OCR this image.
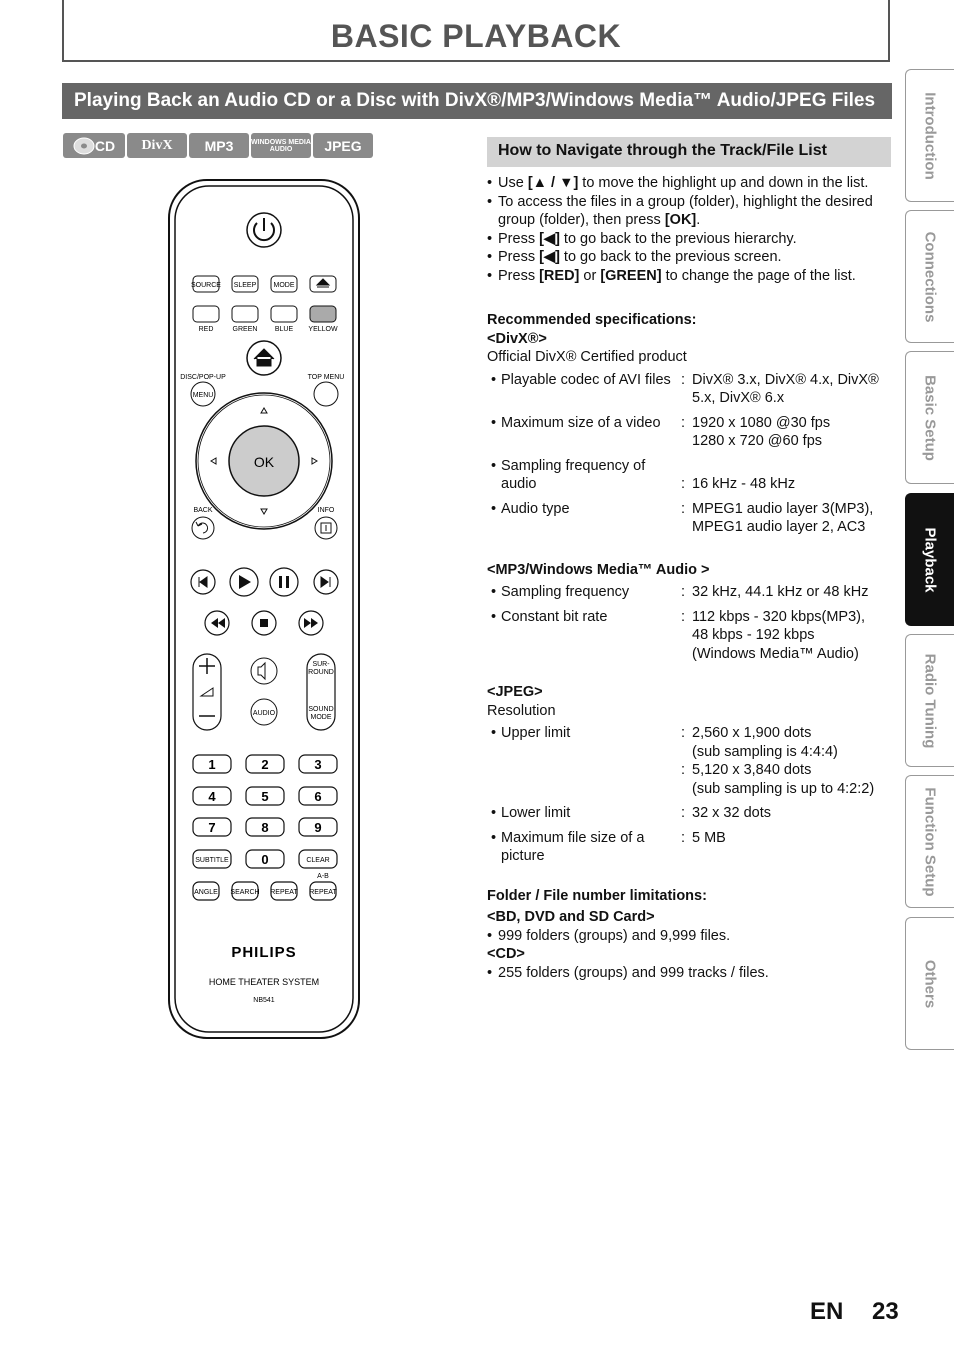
BASIC PLAYBACK
Playing Back an Audio CD or a Disc with DivX®/MP3/Windows Media™ Audio/JPEG Files
CD	DivX	MP3	WINDOWS MEDIA AUDIO	JPEG
SOURCE SLEEP MODE
RED	GREEN BLUE YELLOW
DISC/POP-UP	TOP MENU
MENU
OK
BACK	INFO
AUDIO
SUR-ROUND
SOUND MODE
1	2	3
4	5	6
7	8	9
0
SUBTITLE	CLEAR
A-B
ANGLE SEARCH REPEAT REPEAT
PHILIPS
HOME THEATER SYSTEM
NB541
How to Navigate through the Track/File List
• Use [▲ / ▼] to move the highlight up and down in the list.
• To access the files in a group (folder), highlight the desired group (folder), then press [OK].
• Press [◀] to go back to the previous hierarchy.
• Press [◀] to go back to the previous screen.
• Press [RED] or [GREEN] to change the page of the list.
Recommended specifications:
<DivX®>
Official DivX® Certified product
• Playable codec of AVI files : DivX® 3.x, DivX® 4.x, DivX® 5.x, DivX® 6.x
• Maximum size of a video	: 1920 x 1080 @30 fps
1280 x 720 @60 fps
• Sampling frequency of audio	: 16 kHz - 48 kHz
• Audio type	: MPEG1 audio layer 3(MP3), MPEG1 audio layer 2, AC3
<MP3/Windows Media™ Audio >
• Sampling frequency	: 32 kHz, 44.1 kHz or 48 kHz
• Constant bit rate	: 112 kbps - 320 kbps(MP3),
48 kbps - 192 kbps
(Windows Media™ Audio)
<JPEG>
Resolution
• Upper limit	: 2,560 x 1,900 dots
(sub sampling is 4:4:4)
: 5,120 x 3,840 dots
(sub sampling is up to 4:2:2)
• Lower limit	: 32 x 32 dots
• Maximum file size of a picture
: 5 MB
Folder / File number limitations:
<BD, DVD and SD Card>
• 999 folders (groups) and 9,999 files.
<CD>
• 255 folders (groups) and 999 tracks / files.
Introduction
Connections
Basic Setup
Playback
Radio Tuning
Function Setup
Others
EN 23
